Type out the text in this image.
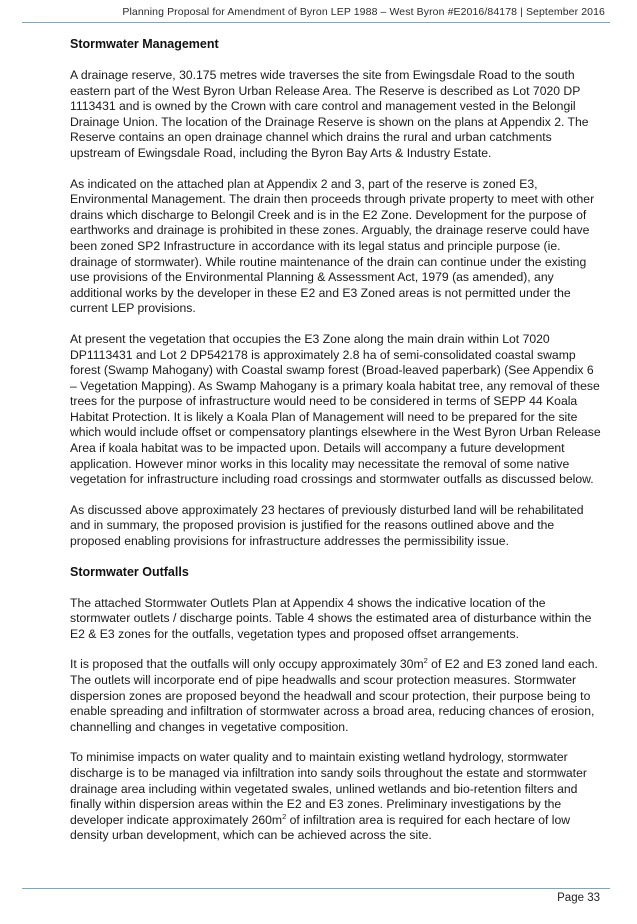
Planning Proposal for Amendment of Byron LEP 1988 – West Byron #E2016/84178 | September 2016
Stormwater Management

A drainage reserve, 30.175 metres wide traverses the site from Ewingsdale Road to the south eastern part of the West Byron Urban Release Area. The Reserve is described as Lot 7020 DP 1113431 and is owned by the Crown with care control and management vested in the Belongil Drainage Union. The location of the Drainage Reserve is shown on the plans at Appendix 2. The Reserve contains an open drainage channel which drains the rural and urban catchments upstream of Ewingsdale Road, including the Byron Bay Arts & Industry Estate.

As indicated on the attached plan at Appendix 2 and 3, part of the reserve is zoned E3, Environmental Management. The drain then proceeds through private property to meet with other drains which discharge to Belongil Creek and is in the E2 Zone. Development for the purpose of earthworks and drainage is prohibited in these zones. Arguably, the drainage reserve could have been zoned SP2 Infrastructure in accordance with its legal status and principle purpose (ie. drainage of stormwater). While routine maintenance of the drain can continue under the existing use provisions of the Environmental Planning & Assessment Act, 1979 (as amended), any additional works by the developer in these E2 and E3 Zoned areas is not permitted under the current LEP provisions.

At present the vegetation that occupies the E3 Zone along the main drain within Lot 7020 DP1113431 and Lot 2 DP542178 is approximately 2.8 ha of semi-consolidated coastal swamp forest (Swamp Mahogany) with Coastal swamp forest (Broad-leaved paperbark) (See Appendix 6 – Vegetation Mapping). As Swamp Mahogany is a primary koala habitat tree, any removal of these trees for the purpose of infrastructure would need to be considered in terms of SEPP 44 Koala Habitat Protection. It is likely a Koala Plan of Management will need to be prepared for the site which would include offset or compensatory plantings elsewhere in the West Byron Urban Release Area if koala habitat was to be impacted upon. Details will accompany a future development application. However minor works in this locality may necessitate the removal of some native vegetation for infrastructure including road crossings and stormwater outfalls as discussed below.

As discussed above approximately 23 hectares of previously disturbed land will be rehabilitated and in summary, the proposed provision is justified for the reasons outlined above and the proposed enabling provisions for infrastructure addresses the permissibility issue.

Stormwater Outfalls

The attached Stormwater Outlets Plan at Appendix 4 shows the indicative location of the stormwater outlets / discharge points. Table 4 shows the estimated area of disturbance within the E2 & E3 zones for the outfalls, vegetation types and proposed offset arrangements.

It is proposed that the outfalls will only occupy approximately $30m^2$ of E2 and E3 zoned land each. The outlets will incorporate end of pipe headwalls and scour protection measures. Stormwater dispersion zones are proposed beyond the headwall and scour protection, their purpose being to enable spreading and infiltration of stormwater across a broad area, reducing chances of erosion, channelling and changes in vegetative composition.

To minimise impacts on water quality and to maintain existing wetland hydrology, stormwater discharge is to be managed via infiltration into sandy soils throughout the estate and stormwater drainage area including within vegetated swales, unlined wetlands and bio-retention filters and finally within dispersion areas within the E2 and E3 zones. Preliminary investigations by the developer indicate approximately $260m^2$ of infiltration area is required for each hectare of low density urban development, which can be achieved across the site.

Page 33
